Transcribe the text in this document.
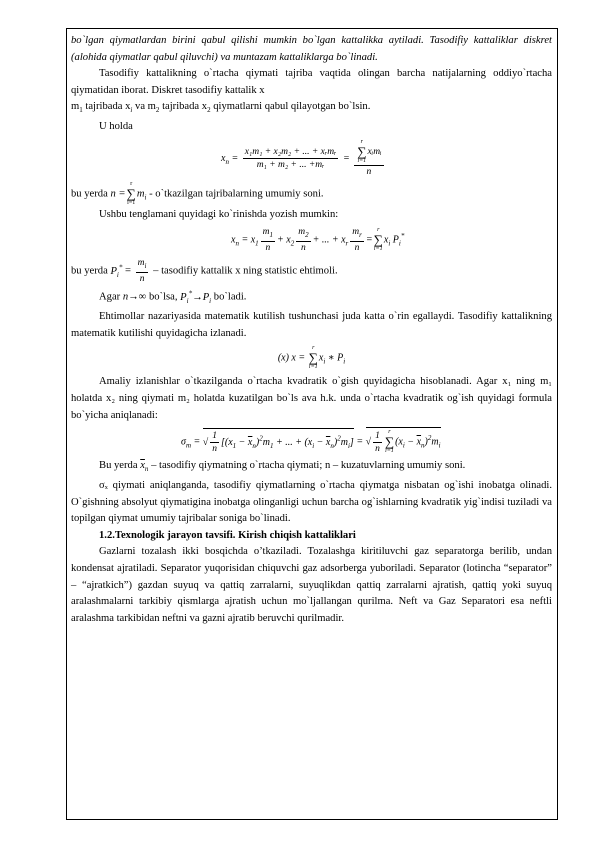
bo`lgan qiymatlardan birini qabul qilishi mumkin bo`lgan kattalikka aytiladi. Tasodifiy kattaliklar diskret (alohida qiymatlar qabul qiluvchi) va muntazam kattaliklarga bo`linadi.

Tasodifiy kattalikning o`rtacha qiymati tajriba vaqtida olingan barcha natijalarning oddiyo`rtacha qiymatidan iborat. Diskret tasodifiy kattalik x

$m_1$ tajribada $x_i$ va $m_2$ tajribada $x_2$ qiymatlarni qabul qilayotgan bo`lsin.

U holda

$x_n = \frac{\text{x₁m₁ + x₂m₂ + ... + xᵣmᵣ}}{\text{m₁ + m₂ + ... +mᵣ}} = r$
∑
i=1
xᵢmᵢ
n

bu yerda n =
r
∑
i=1
$m_i$ - o`tkazilgan tajribalarning umumiy soni.

Ushbu tenglamani quyidagi ko`rinishda yozish mumkin:

$x_n = x_1 \frac{m_1}{n} + x_2 \frac{m_2}{n}$ + ... + $x_r \frac{m_r}{n}$ =
r
∑
i=1
$x_i$ $P_i^*$

bu yerda $P_i^* = \frac{m_i}{n}$ – tasodifiy kattalik x ning statistic ehtimoli.

Agar n→∞ bo`lsa, $P_i^*\to P_i$ bo`ladi.

Ehtimollar nazariyasida matematik kutilish tushunchasi juda katta o`rin egallaydi. Tasodifiy kattalikning matematik kutilishi quyidagicha izlanadi.

(x) x =
r
∑
i=1
$x_i$ ∗ $P_i$

Amaliy izlanishlar o`tkazilganda o`rtacha kvadratik o`gish quyidagicha hisoblanadi. Agar x₁ ning m₁ holatda x₂ ning qiymati m₂ holatda kuzatilgan bo`ls ava h.k. unda o`rtacha kvadratik og`ish quyidagi formula bo`yicha aniqlanadi:

$\sigma_m$ = √ $\frac{1}{n} [(x_1 - \overline{x}_n)^2m_1$ + ... + $(x_i - \overline{x}_n)^2m_i$] = √ $\frac{1}{n}$	r
∑
i=1
$(x_i - \overline{x}_n)^2m_i$

Bu yerda $\overline{x}_n$ – tasodifiy qiymatning o`rtacha qiymati; n – kuzatuvlarning umumiy soni.

σₓ qiymati aniqlanganda, tasodifiy qiymatlarning o`rtacha qiymatga nisbatan og`ishi inobatga olinadi. O`gishning absolyut qiymatigina inobatga olinganligi uchun barcha og`ishlarning kvadratik yig`indisi tuziladi va topilgan qiymat umumiy tajribalar soniga bo`linadi.

1.2.Texnologik jarayon tavsifi. Kirish chiqish kattaliklari

Gazlarni tozalash ikki bosqichda o’tkaziladi. Tozalashga kiritiluvchi gaz separatorga berilib, undan kondensat ajratiladi. Separator yuqorisidan chiquvchi gaz adsorberga yuboriladi. Separator (lotincha “separator” – “ajratkich”) gazdan suyuq va qattiq zarralarni, suyuqlikdan qattiq zarralarni ajratish, qattiq yoki suyuq aralashmalarni tarkibiy qismlarga ajratish uchun mo`ljallangan qurilma. Neft va Gaz Separatori esa neftli aralashma tarkibidan neftni va gazni ajratib beruvchi qurilmadir.
